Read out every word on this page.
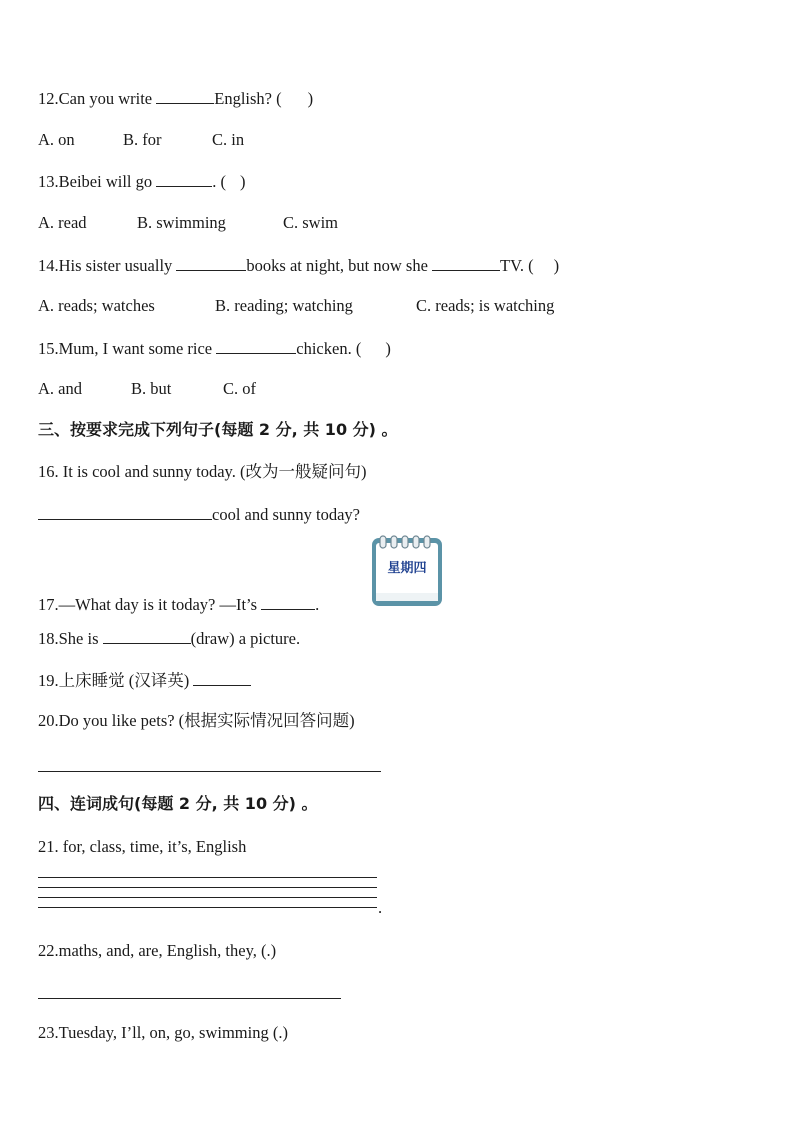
12.Can you write	English? ( )
A. on	B. for	C. in
13.Beibei will go	. ( )
A. read	B. swimming	C. swim
14.His sister usually	books at night, but now she	TV. ( )
A. reads; watches	B. reading; watching	C. reads; is watching
15.Mum, I want some rice	chicken. ( )
A. and	B. but	C. of
三、按要求完成下列句子(每题 2 分, 共 10 分) 。
16. It is cool and sunny today. (改为一般疑问句)
cool and sunny today?
星期四
17.—What day is it today? —It’s	.
18.She is	(draw) a picture.
19.上床睡觉 (汉译英)
20.Do you like pets? (根据实际情况回答问题)
四、连词成句(每题 2 分, 共 10 分) 。
21. for, class, time, it’s, English
.
22.maths, and, are, English, they, (.)
23.Tuesday, I’ll, on, go, swimming (.)
